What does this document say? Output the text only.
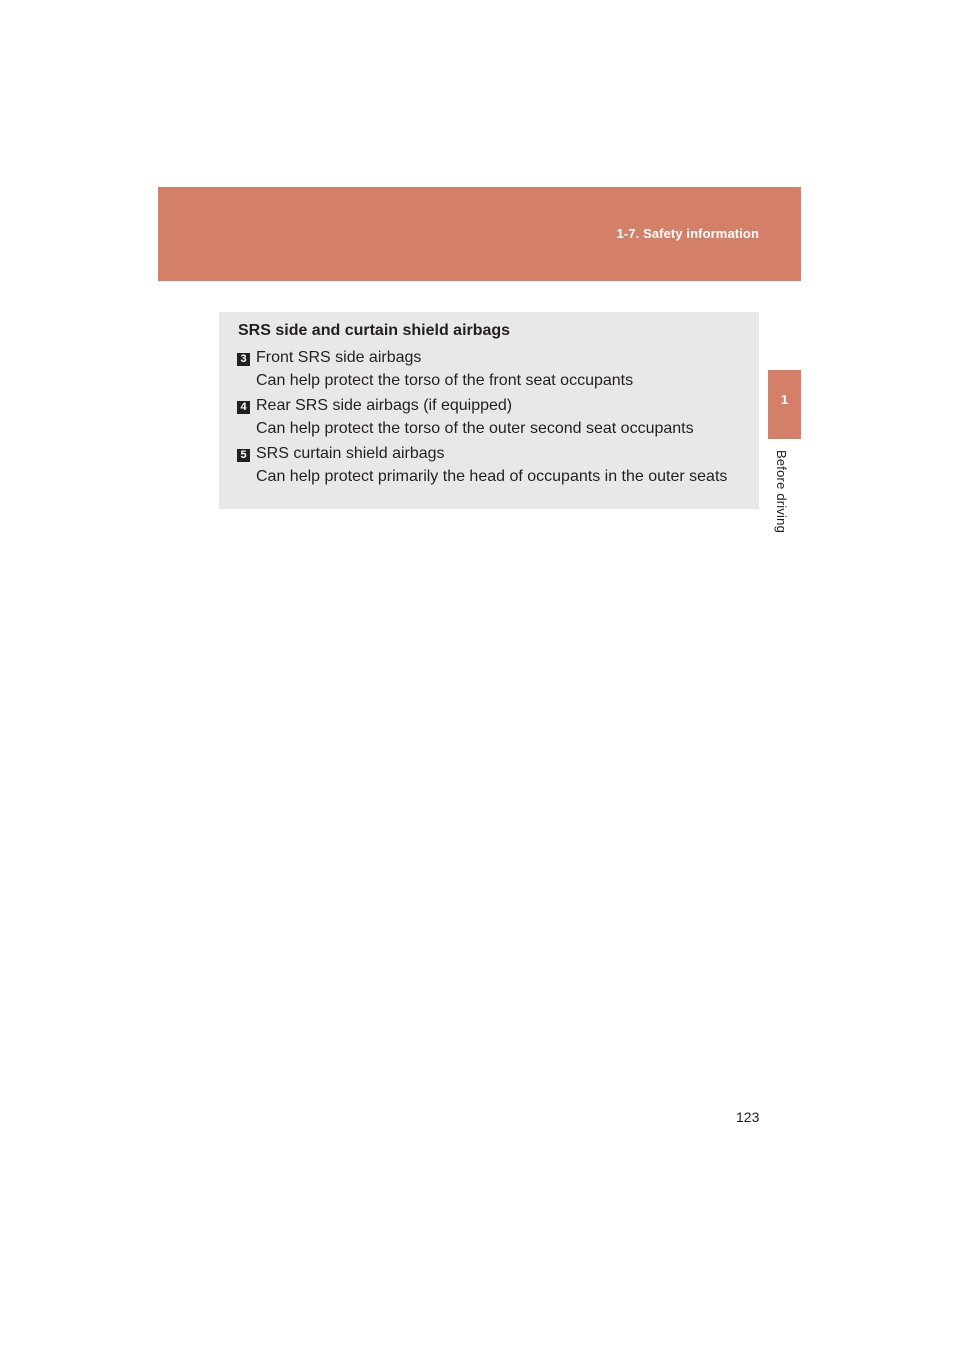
1-7. Safety information
1
Before driving
SRS side and curtain shield airbags
3 Front SRS side airbags
Can help protect the torso of the front seat occupants
4 Rear SRS side airbags (if equipped)
Can help protect the torso of the outer second seat occupants
5 SRS curtain shield airbags
Can help protect primarily the head of occupants in the outer seats
123
